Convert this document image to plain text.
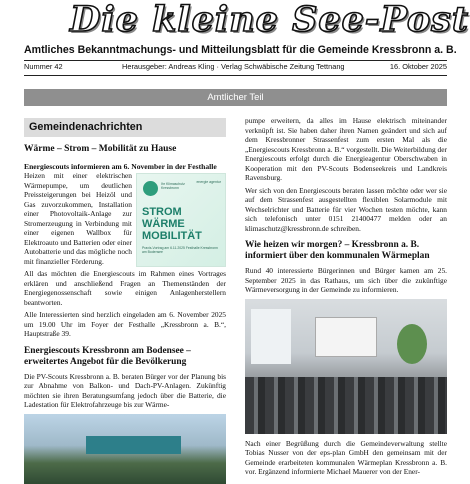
Die kleine See-Post
Amtliches Bekanntmachungs- und Mitteilungsblatt für die Gemeinde Kressbronn a. B.
Nummer 42	Herausgeber: Andreas Kling · Verlag Schwäbische Zeitung Tettnang	16. Oktober 2025
Amtlicher Teil
Gemeindenachrichten
Wärme – Strom – Mobilität zu Hause
Energiescouts informieren am 6. November in der Festhalle
Ihr Klimaschutz Kressbronn
energie agentur
STROM
WÄRME
MOBILITÄT
Praxis-Vortrag am 6.11.2025 Festhalle Kressbronn am Bodensee

Heizen mit einer elektrischen Wärmepumpe, um deutlichen Preissteigerungen bei Heizöl und Gas zuvorzukommen, Installation einer Photovoltaik-Anlage zur Stromerzeugung in Verbindung mit einer eigenen Wallbox für Elektroauto und Batterien oder einer Autobatterie und das mögliche noch mit finanzieller Förderung.

All das möchten die Energiescouts im Rahmen eines Vortrages erklären und anschließend Fragen an Themenständen der Energiegenossenschaft sowie einigen Anlagenherstellern beantworten.

Alle Interessierten sind herzlich eingeladen am 6. November 2025 um 19.00 Uhr im Foyer der Festhalle „Kressbronn a. B.“, Hauptstraße 39.

Energiescouts Kressbronn am Bodensee – erweitertes Angebot für die Bevölkerung

Die PV-Scouts Kressbronn a. B. beraten Bürger vor der Planung bis zur Abnahme von Balkon- und Dach-PV-Anlagen. Zukünftig möchten sie ihren Beratungsumfang jedoch über die Batterie, die Ladestation für Elektrofahrzeuge bis zur Wärme-

pumpe erweitern, da alles im Hause elektrisch miteinander verknüpft ist. Sie haben daher ihren Namen geändert und sich auf dem Kressbronner Strassenfest zum ersten Mal als die „Energiescouts Kressbronn a. B.“ vorgestellt. Die Weiterbildung der Energiescouts erfolgt durch die Energieagentur Oberschwaben in Kooperation mit den PV-Scouts Bodenseekreis und Landkreis Ravensburg.

Wer sich von den Energiescouts beraten lassen möchte oder wer sie auf dem Strassenfest ausgestellten flexiblen Solarmodule mit Wechselrichter und Batterie für vier Wochen testen möchte, kann sich telefonisch unter 0151 21400477 melden oder an klimaschutz@kressbronn.de schreiben.

Wie heizen wir morgen? – Kressbronn a. B. informiert über den kommunalen Wärmeplan

Rund 40 interessierte Bürgerinnen und Bürger kamen am 25. September 2025 in das Rathaus, um sich über die zukünftige Wärmeversorgung in der Gemeinde zu informieren.

Nach einer Begrüßung durch die Gemeindeverwaltung stellte Tobias Nusser von der eps-plan GmbH den gemeinsam mit der Gemeinde erarbeiteten kommunalen Wärmeplan Kressbronn a. B. vor. Ergänzend informierte Michael Mauerer von der Ener-
